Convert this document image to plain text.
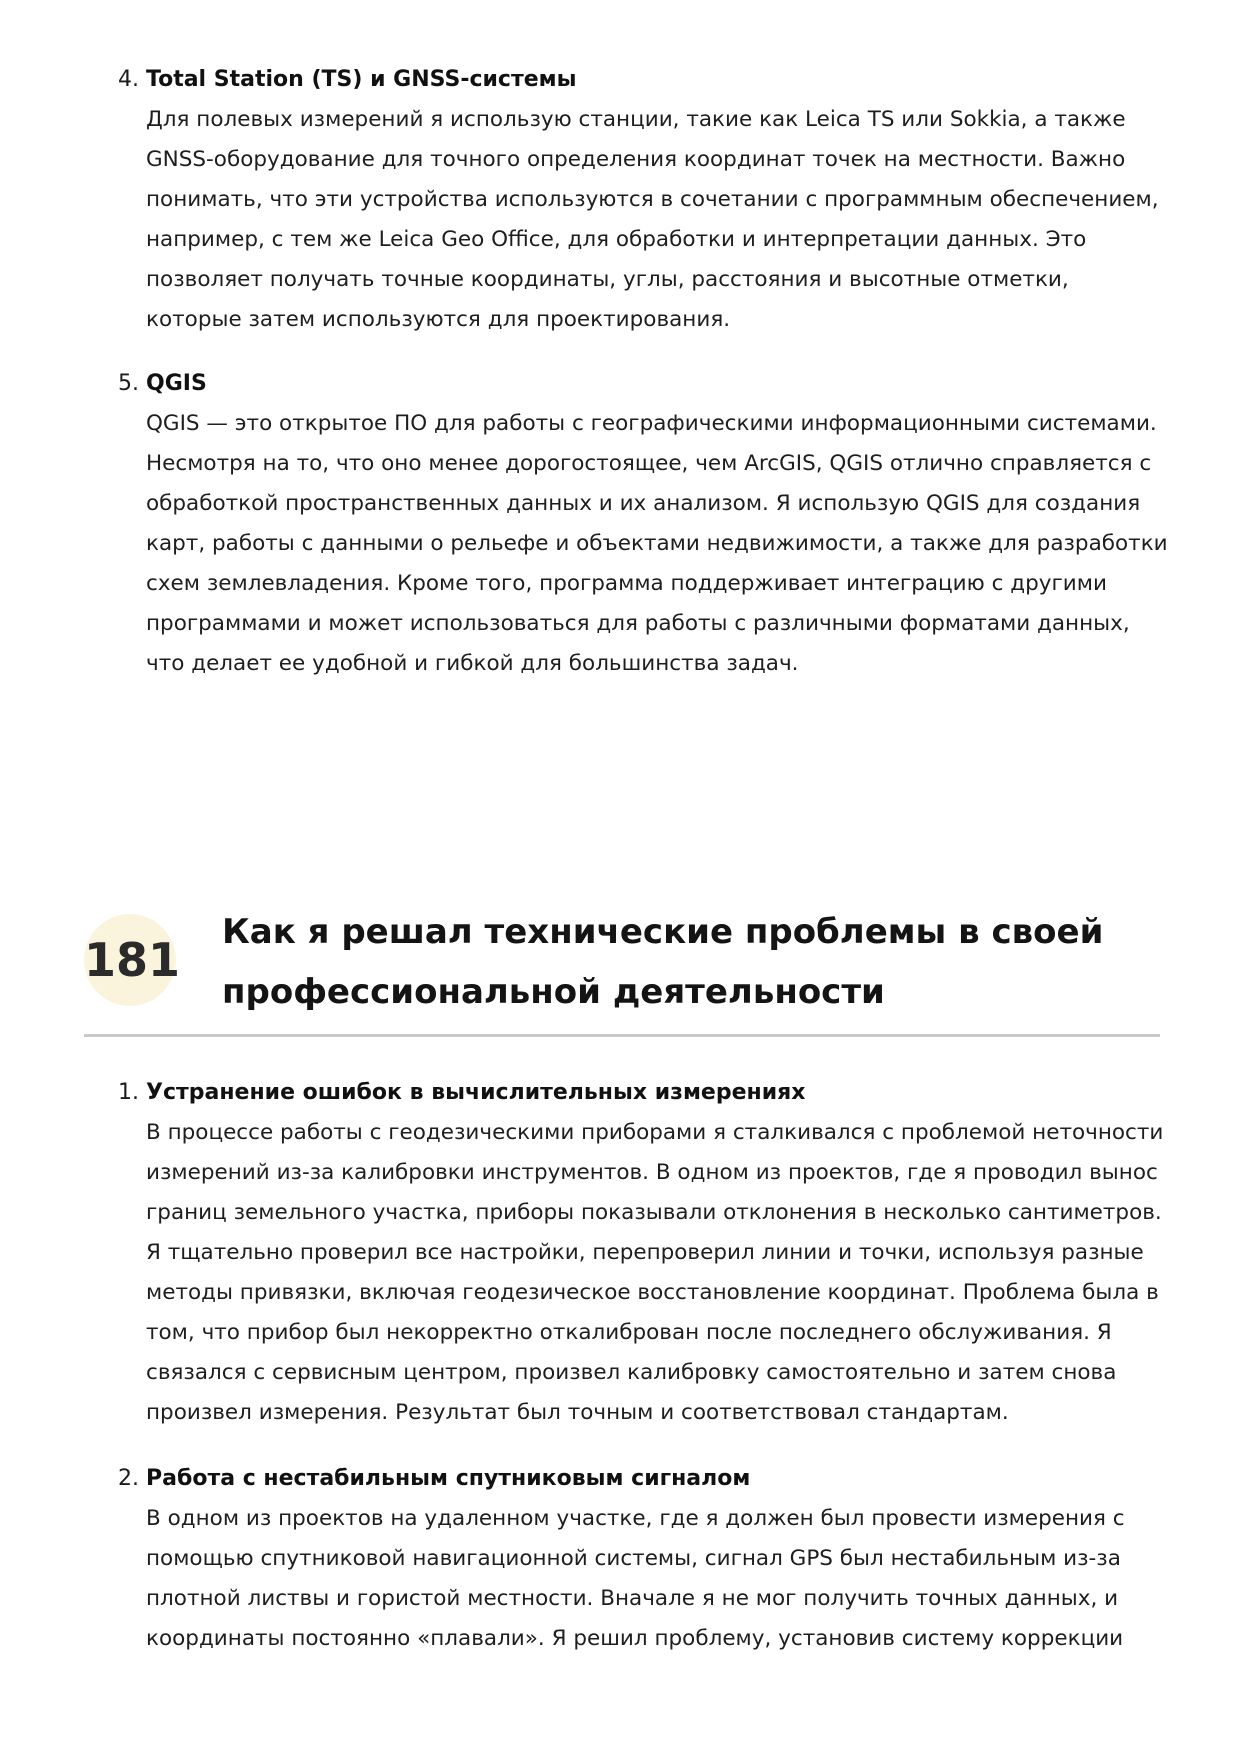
4. Total Station (TS) и GNSS-системы
Для полевых измерений я использую станции, такие как Leica TS или Sokkia, а также GNSS-оборудование для точного определения координат точек на местности. Важно понимать, что эти устройства используются в сочетании с программным обеспечением, например, с тем же Leica Geo Office, для обработки и интерпретации данных. Это позволяет получать точные координаты, углы, расстояния и высотные отметки, которые затем используются для проектирования.
5. QGIS
QGIS — это открытое ПО для работы с географическими информационными системами. Несмотря на то, что оно менее дорогостоящее, чем ArcGIS, QGIS отлично справляется с обработкой пространственных данных и их анализом. Я использую QGIS для создания карт, работы с данными о рельефе и объектами недвижимости, а также для разработки схем землевладения. Кроме того, программа поддерживает интеграцию с другими программами и может использоваться для работы с различными форматами данных, что делает ее удобной и гибкой для большинства задач.
181
Как я решал технические проблемы в своей профессиональной деятельности
1. Устранение ошибок в вычислительных измерениях
В процессе работы с геодезическими приборами я сталкивался с проблемой неточности измерений из-за калибровки инструментов. В одном из проектов, где я проводил вынос границ земельного участка, приборы показывали отклонения в несколько сантиметров. Я тщательно проверил все настройки, перепроверил линии и точки, используя разные методы привязки, включая геодезическое восстановление координат. Проблема была в том, что прибор был некорректно откалиброван после последнего обслуживания. Я связался с сервисным центром, произвел калибровку самостоятельно и затем снова произвел измерения. Результат был точным и соответствовал стандартам.
2. Работа с нестабильным спутниковым сигналом
В одном из проектов на удаленном участке, где я должен был провести измерения с помощью спутниковой навигационной системы, сигнал GPS был нестабильным из-за плотной листвы и гористой местности. Вначале я не мог получить точных данных, и координаты постоянно «плавали». Я решил проблему, установив систему коррекции
